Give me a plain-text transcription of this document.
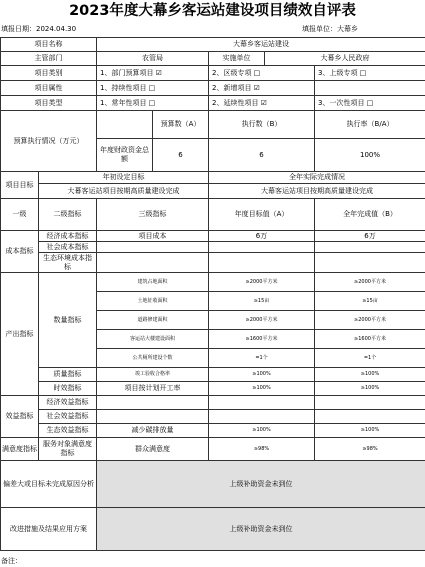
2023年度大幕乡客运站建设项目绩效自评表
填报日期：2024.04.30	填报单位：大幕乡
项目名称		大幕乡客运站建设				
主管部门		农管局		实施单位	大幕乡人民政府	
项目类别		1、部门预算项目 ☑		2、区级专项 □		3、上级专项 □
项目属性		1、持续性项目 □		2、新增项目 ☑		
项目类型		1、常年性项目 □		2、延续性项目 ☑		3、一次性项目 □
预算执行情况（万元）			预算数（A）	执行数（B）		执行率（B/A）
		年度财政资金总额	6	6		100%
项目目标	年初设定目标			全年实际完成情况		
	大幕客运站项目按期高质量建设完成			大幕客运站项目按期高质量建设完成		
一级	二级指标	三级指标		年度目标值（A）		全年完成值（B）
成本指标	经济成本指标	项目成本		6万		6万
	社会成本指标					
	生态环境成本指标					
产出指标	数量指标	建筑占地面积		≥2000平方米		≥2000平方米
		土地征收面积		≥15亩		≥15亩
		道路修建面积		≥2000平方米		≥2000平方米
		客运站大楼建设面积		≥1600平方米		≥1600平方米
		公共厕所建设个数		=1个		=1个
	质量指标	竣工验收合格率		≥100%		≥100%
	时效指标	项目按计划开工率		≥100%		≥100%
效益指标	经济效益指标					
	社会效益指标					
	生态效益指标	减少碳排放量		≥100%		≥100%
满意度指标	服务对象满意度指标	群众满意度		≥98%		≥98%
偏差大或目标未完成原因分析		上级补助资金未到位				
改进措施及结果应用方案		上级补助资金未到位				
备注：
